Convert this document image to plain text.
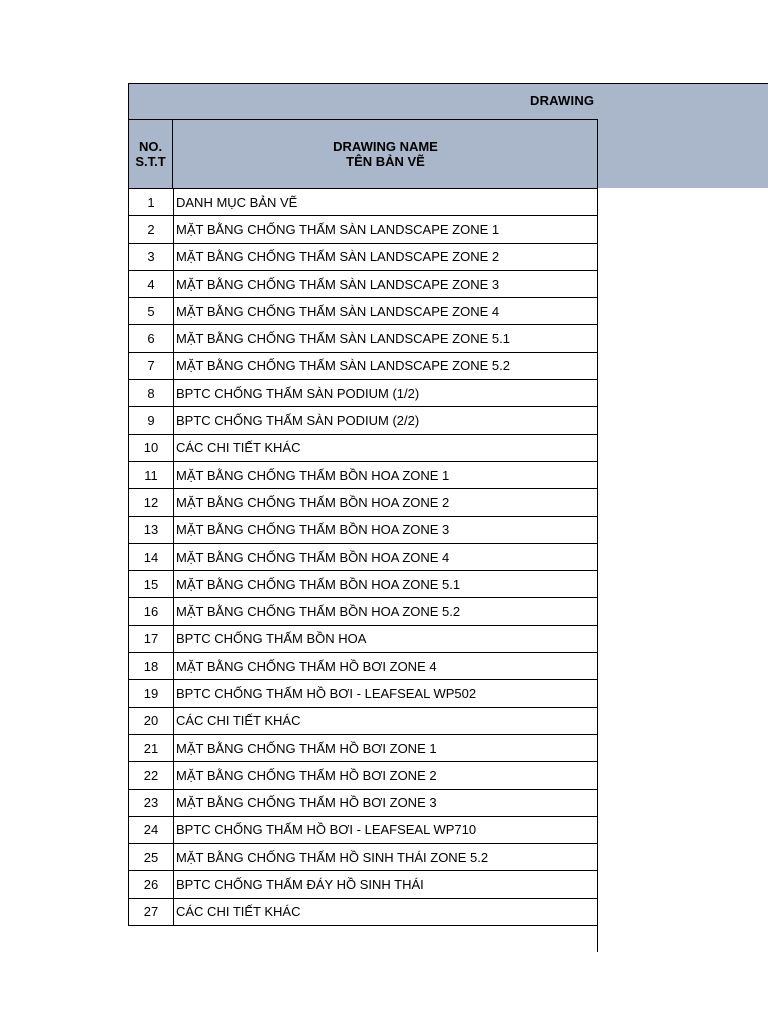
DRAWING
NO.
S.T.T
DRAWING NAME
TÊN BẢN VẼ
1	DANH MỤC BẢN VẼ
2	MẶT BẰNG CHỐNG THẤM SÀN LANDSCAPE ZONE 1
3	MẶT BẰNG CHỐNG THẤM SÀN LANDSCAPE ZONE 2
4	MẶT BẰNG CHỐNG THẤM SÀN LANDSCAPE ZONE 3
5	MẶT BẰNG CHỐNG THẤM SÀN LANDSCAPE ZONE 4
6	MẶT BẰNG CHỐNG THẤM SÀN LANDSCAPE ZONE 5.1
7	MẶT BẰNG CHỐNG THẤM SÀN LANDSCAPE ZONE 5.2
8	BPTC CHỐNG THẤM SÀN PODIUM (1/2)
9	BPTC CHỐNG THẤM SÀN PODIUM (2/2)
10	CÁC CHI TIẾT KHÁC
11	MẶT BẰNG CHỐNG THẤM BỒN HOA ZONE 1
12	MẶT BẰNG CHỐNG THẤM BỒN HOA ZONE 2
13	MẶT BẰNG CHỐNG THẤM BỒN HOA ZONE 3
14	MẶT BẰNG CHỐNG THẤM BỒN HOA ZONE 4
15	MẶT BẰNG CHỐNG THẤM BỒN HOA ZONE 5.1
16	MẶT BẰNG CHỐNG THẤM BỒN HOA ZONE 5.2
17	BPTC CHỐNG THẤM BỒN HOA
18	MẶT BẰNG CHỐNG THẤM HỒ BƠI ZONE 4
19	BPTC CHỐNG THẤM HỒ BƠI - LEAFSEAL WP502
20	CÁC CHI TIẾT KHÁC
21	MẶT BẰNG CHỐNG THẤM HỒ BƠI ZONE 1
22	MẶT BẰNG CHỐNG THẤM HỒ BƠI ZONE 2
23	MẶT BẰNG CHỐNG THẤM HỒ BƠI ZONE 3
24	BPTC CHỐNG THẤM HỒ BƠI - LEAFSEAL WP710
25	MẶT BẰNG CHỐNG THẤM HỒ SINH THÁI ZONE 5.2
26	BPTC CHỐNG THẤM ĐÁY HỒ SINH THÁI
27	CÁC CHI TIẾT KHÁC
